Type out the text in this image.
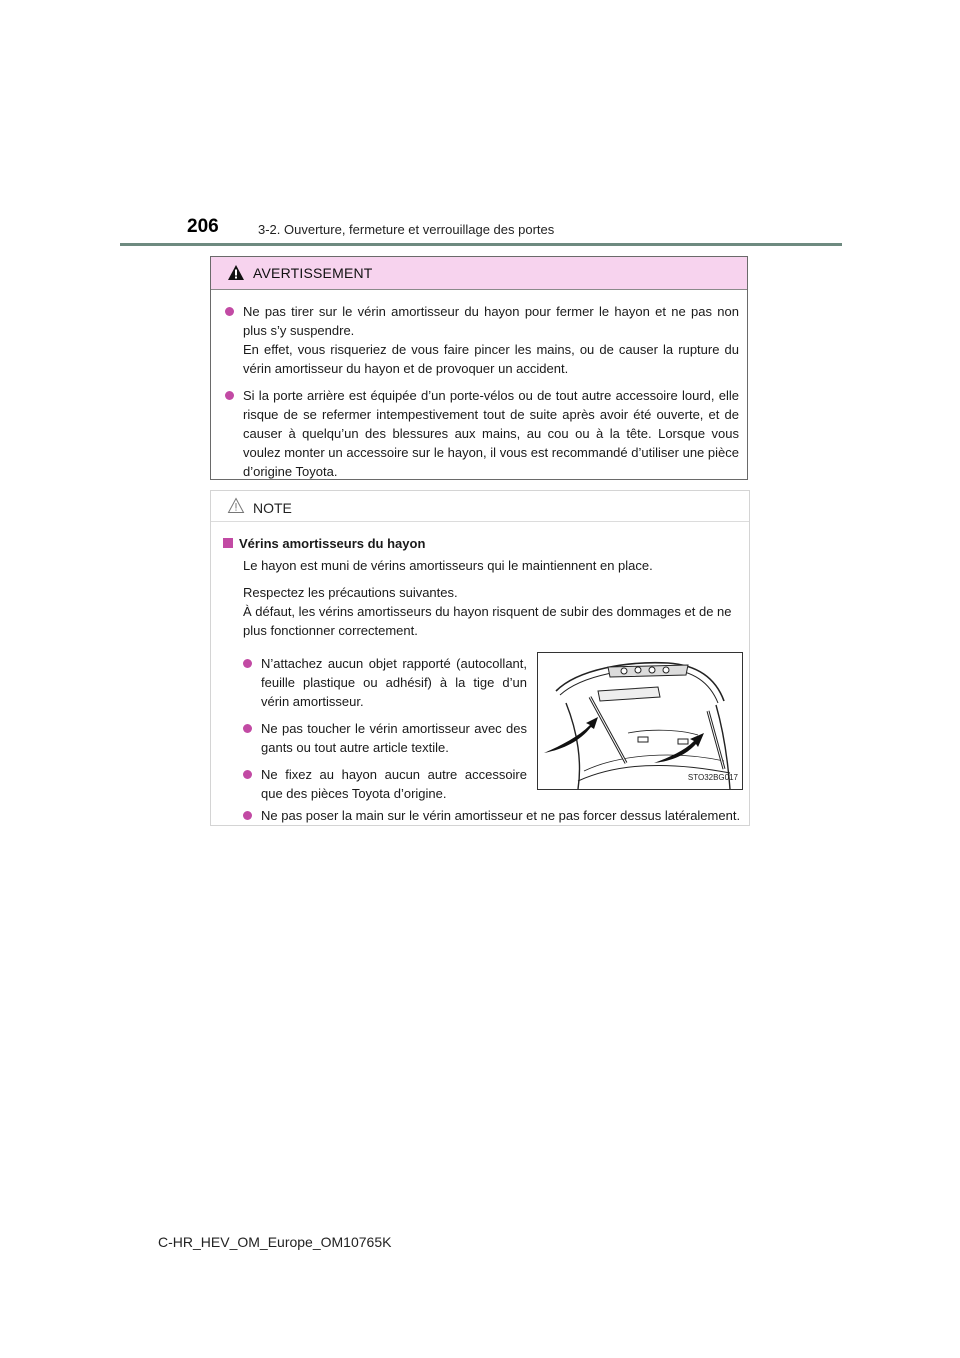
206	3-2. Ouverture, fermeture et verrouillage des portes
AVERTISSEMENT
Ne pas tirer sur le vérin amortisseur du hayon pour fermer le hayon et ne pas non plus s’y suspendre.
En effet, vous risqueriez de vous faire pincer les mains, ou de causer la rupture du vérin amortisseur du hayon et de provoquer un accident.
Si la porte arrière est équipée d’un porte-vélos ou de tout autre accessoire lourd, elle risque de se refermer intempestivement tout de suite après avoir été ouverte, et de causer à quelqu’un des blessures aux mains, au cou ou à la tête. Lorsque vous voulez monter un accessoire sur le hayon, il vous est recommandé d’utiliser une pièce d’origine Toyota.
NOTE
Vérins amortisseurs du hayon
Le hayon est muni de vérins amortisseurs qui le maintiennent en place.
Respectez les précautions suivantes.
À défaut, les vérins amortisseurs du hayon risquent de subir des dommages et de ne plus fonctionner correctement.
N’attachez aucun objet rapporté (autocollant, feuille plastique ou adhésif) à la tige d’un vérin amortisseur.
Ne pas toucher le vérin amortisseur avec des gants ou tout autre article textile.
Ne fixez au hayon aucun autre accessoire que des pièces Toyota d’origine.
STO32BG017
Ne pas poser la main sur le vérin amortisseur et ne pas forcer dessus latéralement.
C-HR_HEV_OM_Europe_OM10765K
